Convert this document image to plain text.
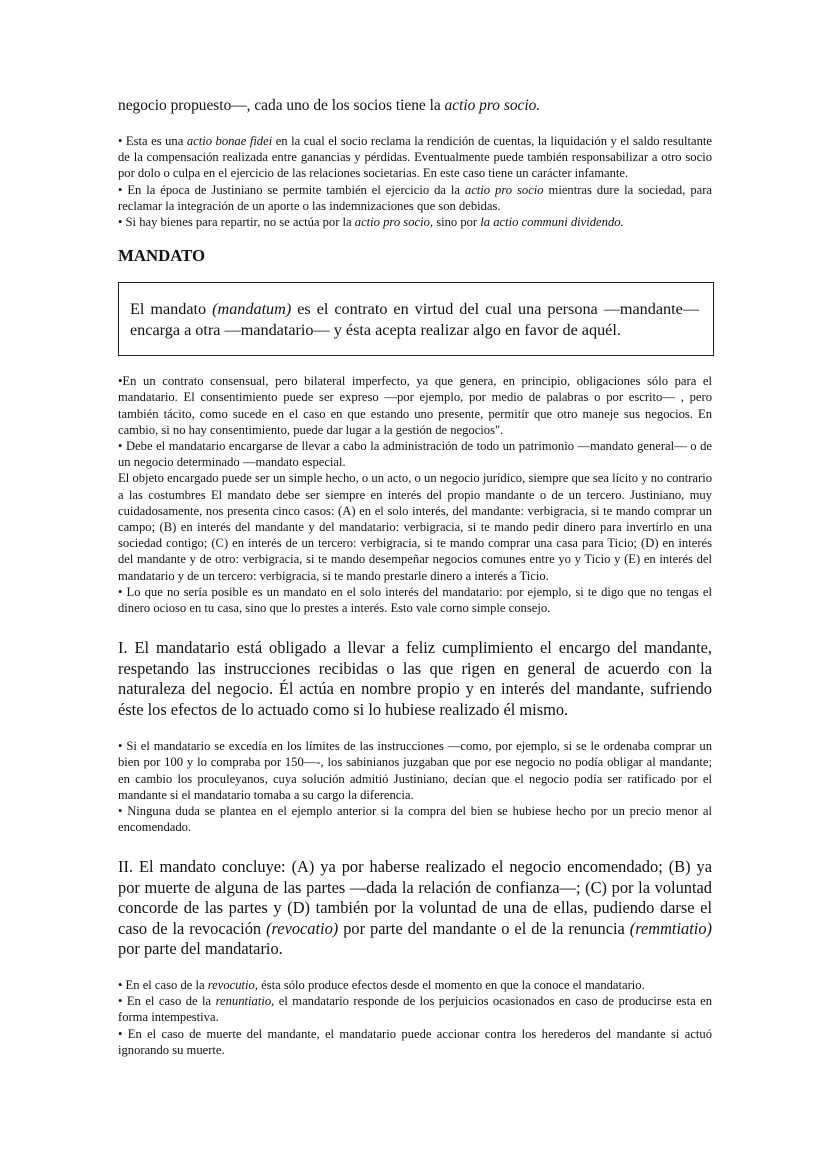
negocio propuesto—, cada uno de los socios tiene la actio pro socio.

• Esta es una actio bonae fidei en la cual el socio reclama la rendición de cuentas, la liquidación y el saldo resultante de la compensación realizada entre ganancias y pérdidas. Eventualmente puede también responsabilizar a otro socio por dolo o culpa en el ejercicio de las relaciones societarias. En este caso tiene un carácter infamante.

• En la época de Justiniano se permite también el ejercicio da la actio pro socio mientras dure la sociedad, para reclamar la integración de un aporte o las indemnizaciones que son debidas.

• Si hay bienes para repartir, no se actúa por la actio pro socio, sino por la actio communi dividendo.

MANDATO

El mandato (mandatum) es el contrato en virtud del cual una persona —mandante— encarga a otra —mandatario— y ésta acepta realizar algo en favor de aquél.

•En un contrato consensual, pero bilateral imperfecto, ya que genera, en principio, obligaciones sólo para el mandatario. El consentimiento puede ser expreso —por ejemplo, por medio de palabras o por escrito— , pero también tácito, como sucede en el caso en que estando uno presente, permitír que otro maneje sus negocios. En cambio, si no hay consentimiento, puede dar lugar a la gestión de negocios".

• Debe el mandatario encargarse de llevar a cabo la administración de todo un patrimonio —mandato general— o de un negocio determinado —mandato especial.

El objeto encargado puede ser un simple hecho, o un acto, o un negocio jurídico, siempre que sea lícito y no contrario a las costumbres El mandato debe ser siempre en interés del propio mandante o de un tercero. Justiniano, muy cuidadosamente, nos presenta cinco casos: (A) en el solo interés, del mandante: verbigracia, si te mando comprar un campo; (B) en interés del mandante y del mandatario: verbigracia, si te mando pedir dinero para invertirlo en una sociedad contigo; (C) en interés de un tercero: verbigracia, si te mando comprar una casa para Ticio; (D) en interés del mandante y de otro: verbigracia, si te mando desempeñar negocios comunes entre yo y Ticio y (E) en interés del mandatario y de un tercero: verbigracia, si te mando prestarle dinero a interés a Ticio.

• Lo que no sería posible es un mandato en el solo interés del mandatario: por ejemplo, si te digo que no tengas el dinero ocioso en tu casa, sino que lo prestes a interés. Esto vale corno simple consejo.

I. El mandatario está obligado a llevar a feliz cumplimiento el encargo del mandante, respetando las instrucciones recibidas o las que rigen en general de acuerdo con la naturaleza del negocio. Él actúa en nombre propio y en interés del mandante, sufriendo éste los efectos de lo actuado como si lo hubiese realizado él mismo.

• Si el mandatario se excedía en los límites de las instrucciones —como, por ejemplo, si se le ordenaba comprar un bien por 100 y lo compraba por 150—-, los sabinianos juzgaban que por ese negocio no podía obligar al mandante; en cambio los proculeyanos, cuya solución admitió Justiniano, decían que el negocio podía ser ratificado por el mandante si el mandatario tomaba a su cargo la diferencia.

• Ninguna duda se plantea en el ejemplo anterior si la compra del bien se hubiese hecho por un precio menor al encomendado.

II. El mandato concluye: (A) ya por haberse realizado el negocio encomendado; (B) ya por muerte de alguna de las partes —dada la relación de confianza—; (C) por la voluntad concorde de las partes y (D) también por la voluntad de una de ellas, pudiendo darse el caso de la revocación (revocatio) por parte del mandante o el de la renuncia (remmtiatio) por parte del mandatario.

• En el caso de la revocutio, ésta sólo produce efectos desde el momento en que la conoce el mandatario.

• En el caso de la renuntiatio, el mandatario responde de los perjuicios ocasionados en caso de producirse esta en forma intempestiva.

• En el caso de muerte del mandante, el mandatario puede accionar contra los herederos del mandante si actuó ignorando su muerte.
